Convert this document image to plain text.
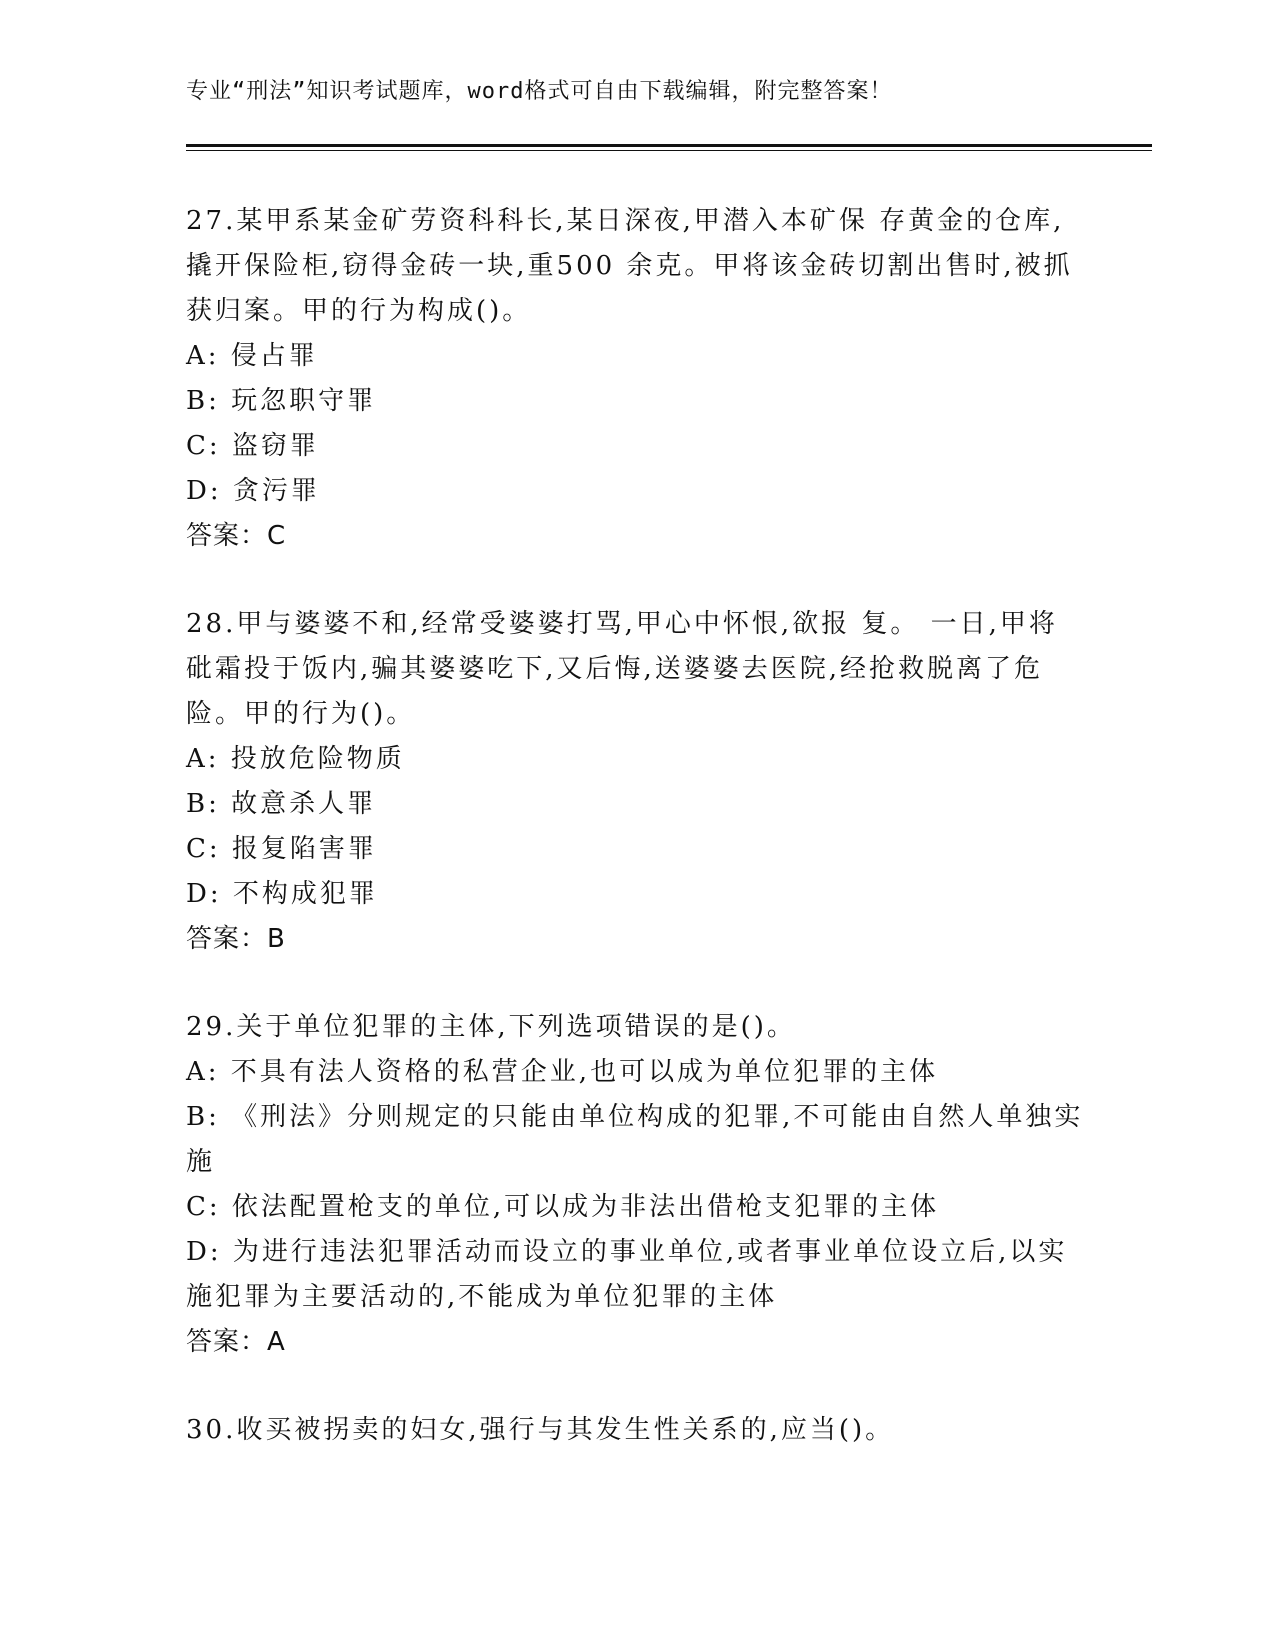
专业“刑法”知识考试题库，word格式可自由下载编辑，附完整答案！

27.某甲系某金矿劳资科科长,某日深夜,甲潜入本矿保 存黄金的仓库,撬开保险柜,窃得金砖一块,重500 余克。甲将该金砖切割出售时,被抓获归案。甲的行为构成()。

A: 侵占罪

B: 玩忽职守罪

C: 盗窃罪

D: 贪污罪

答案：C

28.甲与婆婆不和,经常受婆婆打骂,甲心中怀恨,欲报 复。 一日,甲将砒霜投于饭内,骗其婆婆吃下,又后悔,送婆婆去医院,经抢救脱离了危险。甲的行为()。

A: 投放危险物质

B: 故意杀人罪

C: 报复陷害罪

D: 不构成犯罪

答案：B

29.关于单位犯罪的主体,下列选项错误的是()。

A: 不具有法人资格的私营企业,也可以成为单位犯罪的主体

B: 《刑法》分则规定的只能由单位构成的犯罪,不可能由自然人单独实施

C: 依法配置枪支的单位,可以成为非法出借枪支犯罪的主体

D: 为进行违法犯罪活动而设立的事业单位,或者事业单位设立后,以实施犯罪为主要活动的,不能成为单位犯罪的主体

答案：A

30.收买被拐卖的妇女,强行与其发生性关系的,应当()。
